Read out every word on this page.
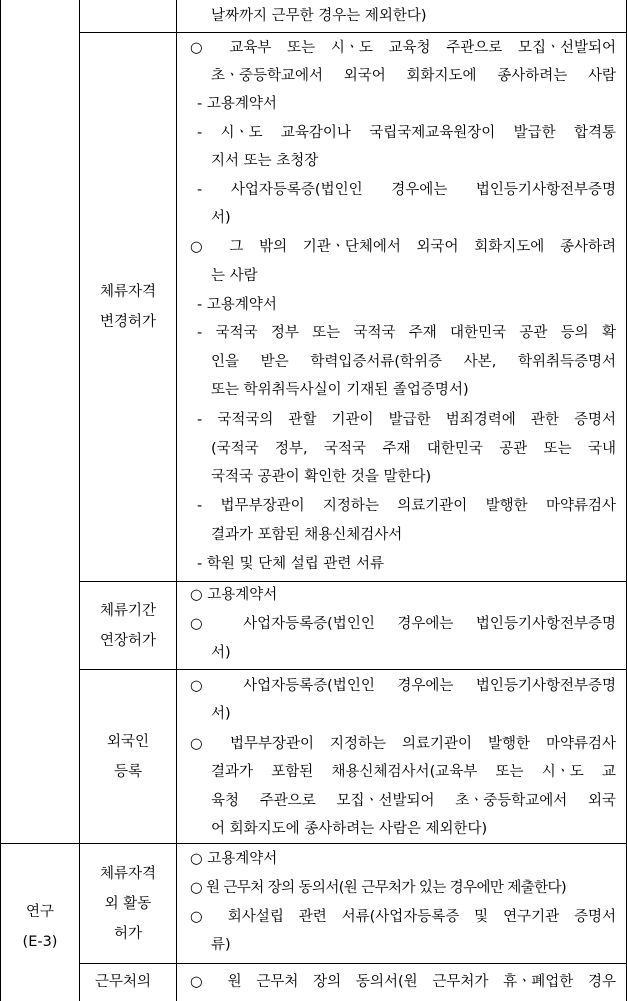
날짜까지 근무한 경우는 제외한다)
체류자격
변경허가
○ 교육부 또는 시ㆍ도 교육청 주관으로 모집ㆍ선발되어
초ㆍ중등학교에서 외국어 회화지도에 종사하려는 사람
- 고용계약서
- 시ㆍ도 교육감이나 국립국제교육원장이 발급한 합격통
지서 또는 초청장
- 사업자등록증(법인인 경우에는 법인등기사항전부증명
서)
○ 그 밖의 기관ㆍ단체에서 외국어 회화지도에 종사하려
는 사람
- 고용계약서
- 국적국 정부 또는 국적국 주재 대한민국 공관 등의 확
인을 받은 학력입증서류(학위증 사본, 학위취득증명서
또는 학위취득사실이 기재된 졸업증명서)
- 국적국의 관할 기관이 발급한 범죄경력에 관한 증명서
(국적국 정부, 국적국 주재 대한민국 공관 또는 국내
국적국 공관이 확인한 것을 말한다)
- 법무부장관이 지정하는 의료기관이 발행한 마약류검사
결과가 포함된 채용신체검사서
- 학원 및 단체 설립 관련 서류
체류기간
연장허가
○ 고용계약서
○ 사업자등록증(법인인 경우에는 법인등기사항전부증명
서)
외국인
등록
○ 사업자등록증(법인인 경우에는 법인등기사항전부증명
서)
○ 법무부장관이 지정하는 의료기관이 발행한 마약류검사
결과가 포함된 채용신체검사서(교육부 또는 시ㆍ도 교
육청 주관으로 모집ㆍ선발되어 초ㆍ중등학교에서 외국
어 회화지도에 종사하려는 사람은 제외한다)
연구
(E-3)
체류자격
외 활동
허가
○ 고용계약서
○ 원 근무처 장의 동의서(원 근무처가 있는 경우에만 제출한다)
○ 회사설립 관련 서류(사업자등록증 및 연구기관 증명서
류)
근무처의	○ 원 근무처 장의 동의서(원 근무처가 휴ㆍ폐업한 경우
